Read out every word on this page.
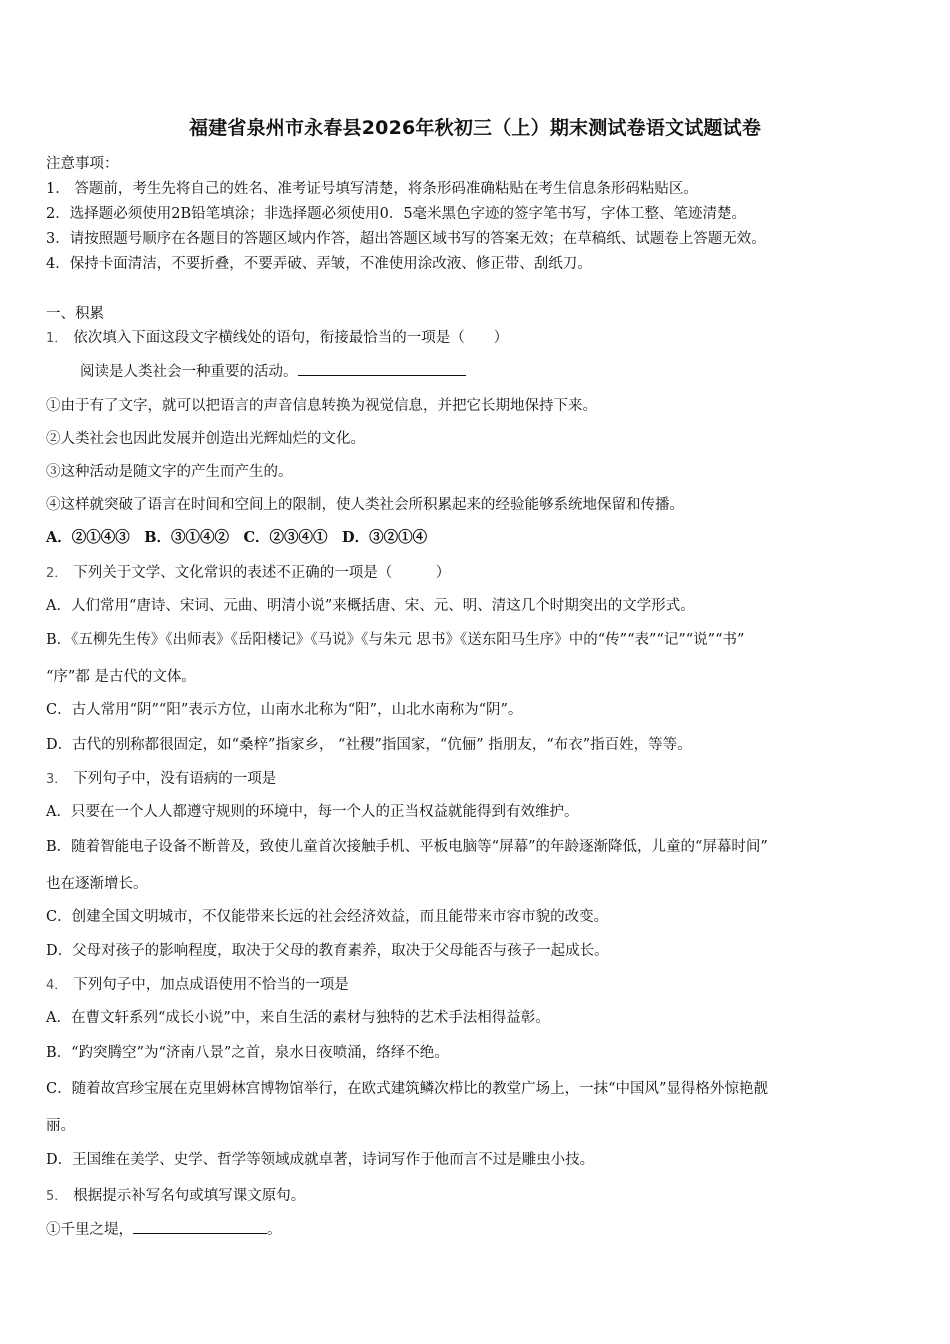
福建省泉州市永春县2026年秋初三（上）期末测试卷语文试题试卷
注意事项：
1． 答题前，考生先将自己的姓名、准考证号填写清楚，将条形码准确粘贴在考生信息条形码粘贴区。
2．选择题必须使用2B铅笔填涂；非选择题必须使用0．5毫米黑色字迹的签字笔书写，字体工整、笔迹清楚。
3．请按照题号顺序在各题目的答题区域内作答，超出答题区域书写的答案无效；在草稿纸、试题卷上答题无效。
4．保持卡面清洁，不要折叠，不要弄破、弄皱，不准使用涂改液、修正带、刮纸刀。
一、积累
1． 依次填入下面这段文字横线处的语句，衔接最恰当的一项是（　　）
阅读是人类社会一种重要的活动。
①由于有了文字，就可以把语言的声音信息转换为视觉信息，并把它长期地保持下来。
②人类社会也因此发展并创造出光辉灿烂的文化。
③这种活动是随文字的产生而产生的。
④这样就突破了语言在时间和空间上的限制，使人类社会所积累起来的经验能够系统地保留和传播。
A．②①④③　B．③①④②　C．②③④①　D．③②①④
2． 下列关于文学、文化常识的表述不正确的一项是（　　　）
A．人们常用“唐诗、宋词、元曲、明清小说”来概括唐、宋、元、明、清这几个时期突出的文学形式。
B．《五柳先生传》《出师表》《岳阳楼记》《马说》《与朱元 思书》《送东阳马生序》中的“传”“表”“记”“说”“书”
“序”都 是古代的文体。
C．古人常用“阴”“阳”表示方位，山南水北称为“阳”，山北水南称为“阴”。
D．古代的别称都很固定，如“桑梓”指家乡， “社稷”指国家，“伉俪” 指朋友，“布衣”指百姓，等等。
3． 下列句子中，没有语病的一项是
A．只要在一个人人都遵守规则的环境中，每一个人的正当权益就能得到有效维护。
B．随着智能电子设备不断普及，致使儿童首次接触手机、平板电脑等“屏幕”的年龄逐渐降低，儿童的“屏幕时间”
也在逐渐增长。
C．创建全国文明城市，不仅能带来长远的社会经济效益，而且能带来市容市貌的改变。
D．父母对孩子的影响程度，取决于父母的教育素养，取决于父母能否与孩子一起成长。
4． 下列句子中，加点成语使用不恰当的一项是
A．在曹文轩系列“成长小说”中，来自生活的素材与独特的艺术手法相得益彰。
B．“趵突腾空”为“济南八景”之首，泉水日夜喷涌，络绎不绝。
C．随着故宫珍宝展在克里姆林宫博物馆举行，在欧式建筑鳞次栉比的教堂广场上，一抹“中国风”显得格外惊艳靓
丽。
D．王国维在美学、史学、哲学等领域成就卓著，诗词写作于他而言不过是雕虫小技。
5． 根据提示补写名句或填写课文原句。
①千里之堤，	。
